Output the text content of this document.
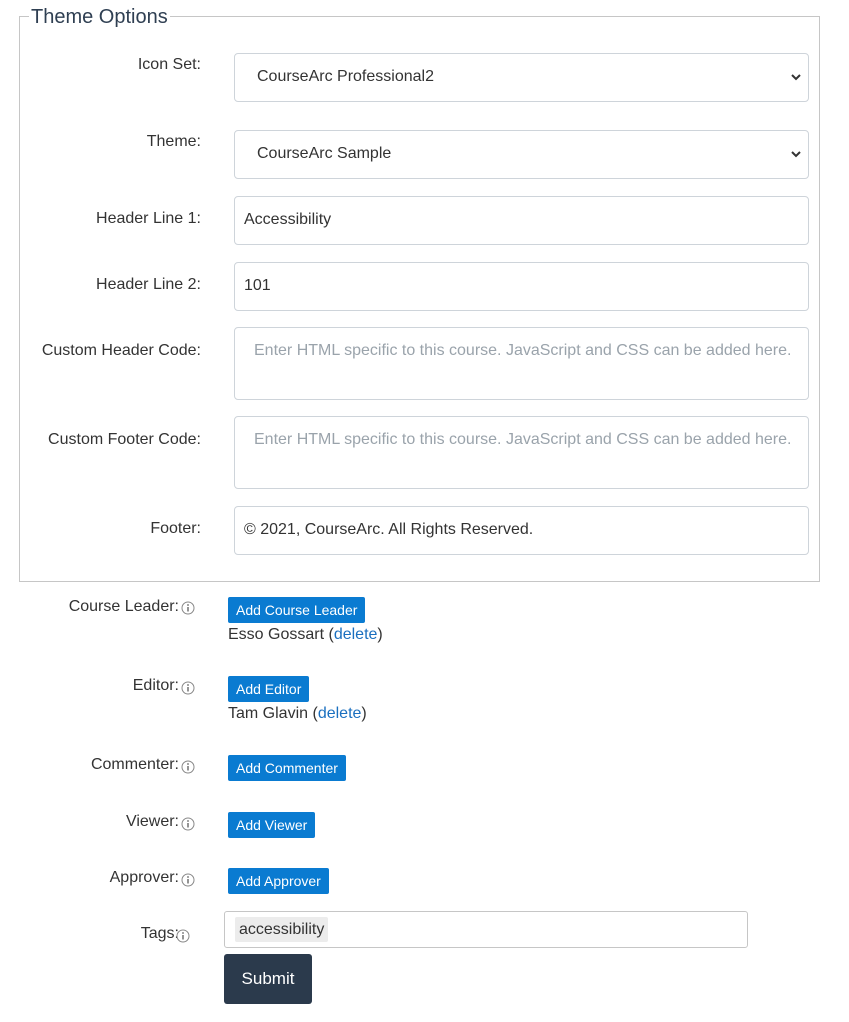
Theme Options
Icon Set:
CourseArc Professional2
Theme:
CourseArc Sample
Header Line 1:	Accessibility
Header Line 2:	101
Custom Header Code:	Enter HTML specific to this course. JavaScript and CSS can be added here.
Custom Footer Code:	Enter HTML specific to this course. JavaScript and CSS can be added here.
Footer:	© 2021, CourseArc. All Rights Reserved.
Course Leader:	Add Course Leader
Esso Gossart (delete)
Editor:	Add Editor
Tam Glavin (delete)
Commenter:	Add Commenter
Viewer:	Add Viewer
Approver:	Add Approver
Tags:	accessibility
Submit
